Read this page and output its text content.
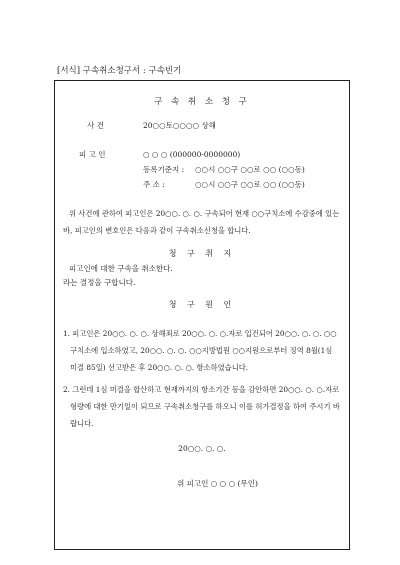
[서식] 구속취소청구서 : 구속빈기
구 속 취 소 청 구
사 건	20○○토○○○○ 상해
피 고 인	○ ○ ○ (000000-0000000)
등록기준지 : ○○시 ○○구 ○○로 ○○ (○○동)
주 소 :	○○시 ○○구 ○○로 ○○ (○○동)
위 사건에 관하여 피고인은 20○○. ○. ○. 구속되어 현재 ○○구치소에 수감중에 있는바, 피고인의 변호인은 다음과 같이 구속취소신청을 합니다.
청 구 취 지
피고인에 대한 구속을 취소한다.
라는 결정을 구합니다.
청 구 원 인
1. 피고인은 20○○. ○. ○. 상해죄로 20○○. ○. ○.자로 입건되어 20○○. ○. ○. ○○구치소에 입소하였고, 20○○. ○. ○. ○○지방법원 ○○지원으로부터 징역 8월(1심 미결 85일) 선고받은 후 20○○. ○. ○. 항소하였습니다.
2. 그런데 1심 미결을 합산하고 현재까지의 항소기간 등을 감안하면 20○○. ○. ○.자로 형량에 대한 만기일이 되므로 구속취소청구를 하오니 이를 허가결정을 하여 주시기 바랍니다.
20○○. ○. ○.
위 피고인 ○ ○ ○ (무인)
